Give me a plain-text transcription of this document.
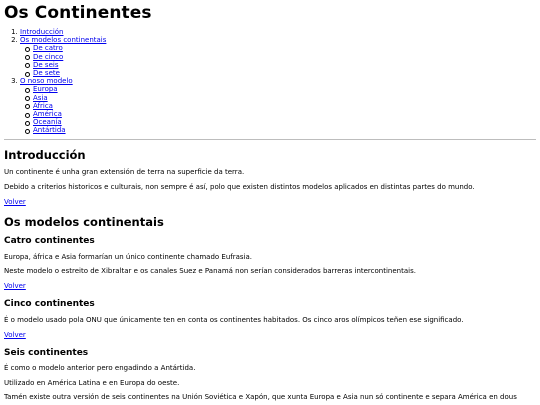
Os Continentes
1. Introducción
2. Os modelos continentais
De catro
De cinco
De seis
De sete
3. O noso modelo
Europa
Asia
África
América
Oceanía
Antártida
Introducción

Un continente é unha gran extensión de terra na superficie da terra.

Debido a criterios historicos e culturais, non sempre é así, polo que existen distintos modelos aplicados en distintas partes do mundo.

Volver
Os modelos continentais
Catro continentes

Europa, áfrica e Asia formarían un único continente chamado Eufrasia.

Neste modelo o estreito de Xibraltar e os canales Suez e Panamá non serían considerados barreras intercontinentais.

Volver
Cinco continentes

É o modelo usado pola ONU que únicamente ten en conta os continentes habitados. Os cinco aros olímpicos teñen ese significado.

Volver
Seis continentes

É como o modelo anterior pero engadindo a Antártida.

Utilizado en América Latina e en Europa do oeste.

Tamén existe outra versión de seis continentes na Unión Soviética e Xapón, que xunta Europa e Asia nun só continente e separa América en dous
